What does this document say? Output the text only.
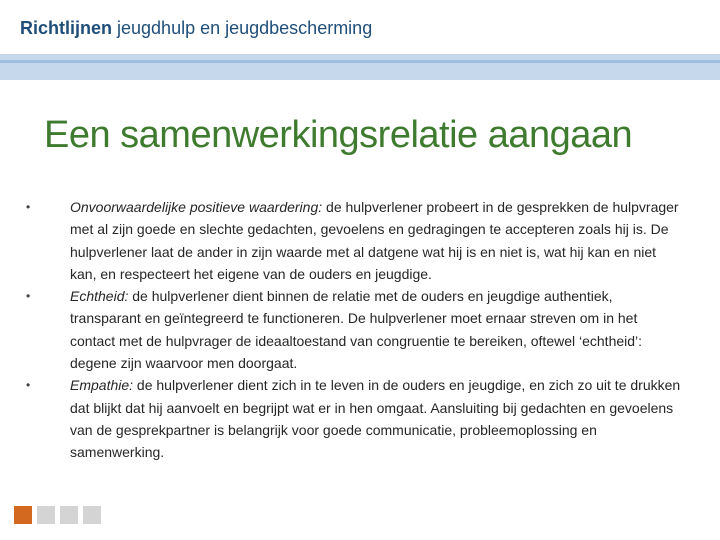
Richtlijnen jeugdhulp en jeugdbescherming
Een samenwerkingsrelatie aangaan
•	Onvoorwaardelijke positieve waardering: de hulpverlener probeert in de gesprekken de hulpvrager met al zijn goede en slechte gedachten, gevoelens en gedragingen te accepteren zoals hij is. De hulpverlener laat de ander in zijn waarde met al datgene wat hij is en niet is, wat hij kan en niet kan, en respecteert het eigene van de ouders en jeugdige.
•	Echtheid: de hulpverlener dient binnen de relatie met de ouders en jeugdige authentiek, transparant en geïntegreerd te functioneren. De hulpverlener moet ernaar streven om in het contact met de hulpvrager de ideaaltoestand van congruentie te bereiken, oftewel ‘echtheid’: degene zijn waarvoor men doorgaat.
•	Empathie: de hulpverlener dient zich in te leven in de ouders en jeugdige, en zich zo uit te drukken dat blijkt dat hij aanvoelt en begrijpt wat er in hen omgaat. Aansluiting bij gedachten en gevoelens van de gesprekpartner is belangrijk voor goede communicatie, probleemoplossing en samenwerking.
